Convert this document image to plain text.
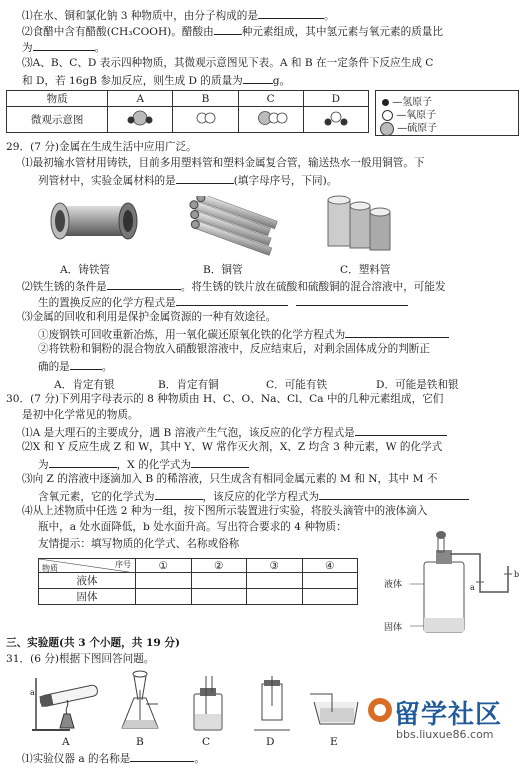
⑴在水、铜和氯化钠 3 种物质中，由分子构成的是	。
⑵食醋中含有醋酸(CH₃COOH)。醋酸由	种元素组成，其中氢元素与氧元素的质量比
为	。
⑶A、B、C、D 表示四种物质，其微观示意图见下表。A 和 B 在一定条件下反应生成 C
和 D，若 16gB 参加反应，则生成 D 的质量为	g。
物质	A	B	C	D
微观示意图				
—氢原子
—氧原子
—硫原子
29．(7 分)金属在生成生活中应用广泛。
⑴最初输水管材用铸铁，目前多用塑料管和塑料金属复合管，输送热水一般用铜管。下
列管材中，实验金属材料的是	(填字母序号，下同)。
A．铸铁管	B．铜管	C．塑料管
⑵铁生锈的条件是	。将生锈的铁片放在硫酸和硫酸铜的混合溶液中，可能发
生的置换反应的化学方程式是
⑶金属的回收和利用是保护金属资源的一种有效途径。
①废钢铁可回收重新冶炼，用一氧化碳还原氧化铁的化学方程式为
②将铁粉和铜粉的混合物放入硝酸银溶液中，反应结束后，对剩余固体成分的判断正
确的是	。
A．肯定有银	B．肯定有铜	C．可能有铁	D．可能是铁和银
30．(7 分)下列用字母表示的 8 种物质由 H、C、O、Na、Cl、Ca 中的几种元素组成，它们
是初中化学常见的物质。
⑴A 是大理石的主要成分，遇 B 溶液产生气泡，该反应的化学方程式是
⑵X 和 Y 反应生成 Z 和 W，其中 Y、W 常作灭火剂，X、Z 均含 3 种元素，W 的化学式
为	，X 的化学式为
⑶向 Z 的溶液中逐滴加入 B 的稀溶液，只生成含有相同金属元素的 M 和 N，其中 M 不
含氧元素，它的化学式为	，该反应的化学方程式为
⑷从上述物质中任选 2 种为一组，按下图所示装置进行实验，将胶头滴管中的液体滴入
瓶中，a 处水面降低，b 处水面升高。写出符合要求的 4 种物质：
友情提示：填写物质的化学式、名称或俗称
物质 序号	①	②	③	④
液体				
固体				
液体
固体
a
b
三、实验题(共 3 个小题，共 19 分)
31．(6 分)根据下图回答问题。
a
A	B	C	D	E
⑴实验仪器 a 的名称是	。
留学社区
bbs.liuxue86.com
